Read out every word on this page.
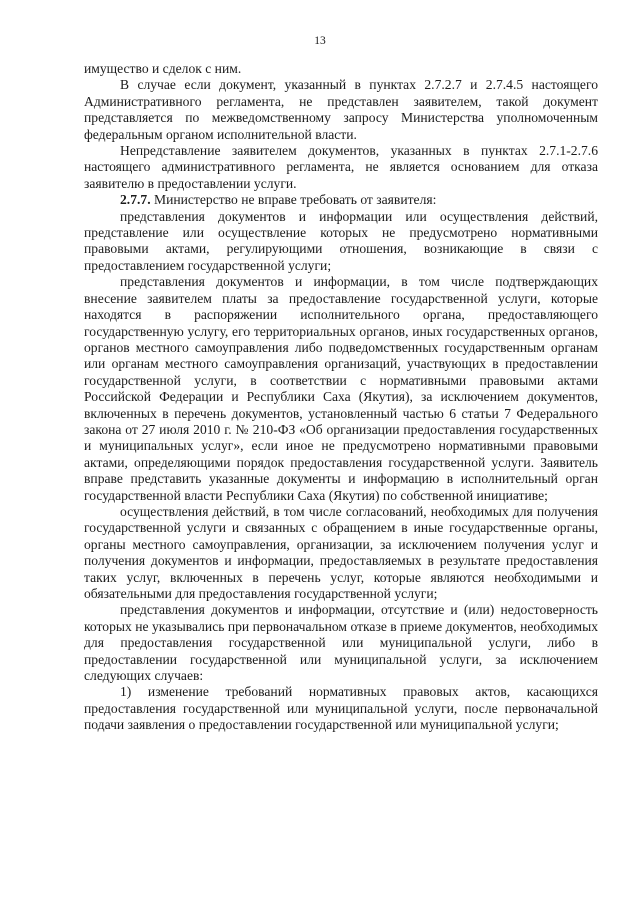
13

имущество и сделок с ним.

В случае если документ, указанный в пунктах 2.7.2.7 и 2.7.4.5 настоящего Административного регламента, не представлен заявителем, такой документ представляется по межведомственному запросу Министерства уполномоченным федеральным органом исполнительной власти.

Непредставление заявителем документов, указанных в пунктах 2.7.1-2.7.6 настоящего административного регламента, не является основанием для отказа заявителю в предоставлении услуги.

2.7.7. Министерство не вправе требовать от заявителя:

представления документов и информации или осуществления действий, представление или осуществление которых не предусмотрено нормативными правовыми актами, регулирующими отношения, возникающие в связи с предоставлением государственной услуги;

представления документов и информации, в том числе подтверждающих внесение заявителем платы за предоставление государственной услуги, которые находятся в распоряжении исполнительного органа, предоставляющего государственную услугу, его территориальных органов, иных государственных органов, органов местного самоуправления либо подведомственных государственным органам или органам местного самоуправления организаций, участвующих в предоставлении государственной услуги, в соответствии с нормативными правовыми актами Российской Федерации и Республики Саха (Якутия), за исключением документов, включенных в перечень документов, установленный частью 6 статьи 7 Федерального закона от 27 июля 2010 г. № 210-ФЗ «Об организации предоставления государственных и муниципальных услуг», если иное не предусмотрено нормативными правовыми актами, определяющими порядок предоставления государственной услуги. Заявитель вправе представить указанные документы и информацию в исполнительный орган государственной власти Республики Саха (Якутия) по собственной инициативе;

осуществления действий, в том числе согласований, необходимых для получения государственной услуги и связанных с обращением в иные государственные органы, органы местного самоуправления, организации, за исключением получения услуг и получения документов и информации, предоставляемых в результате предоставления таких услуг, включенных в перечень услуг, которые являются необходимыми и обязательными для предоставления государственной услуги;

представления документов и информации, отсутствие и (или) недостоверность которых не указывались при первоначальном отказе в приеме документов, необходимых для предоставления государственной или муниципальной услуги, либо в предоставлении государственной или муниципальной услуги, за исключением следующих случаев:

1) изменение требований нормативных правовых актов, касающихся предоставления государственной или муниципальной услуги, после первоначальной подачи заявления о предоставлении государственной или муниципальной услуги;
